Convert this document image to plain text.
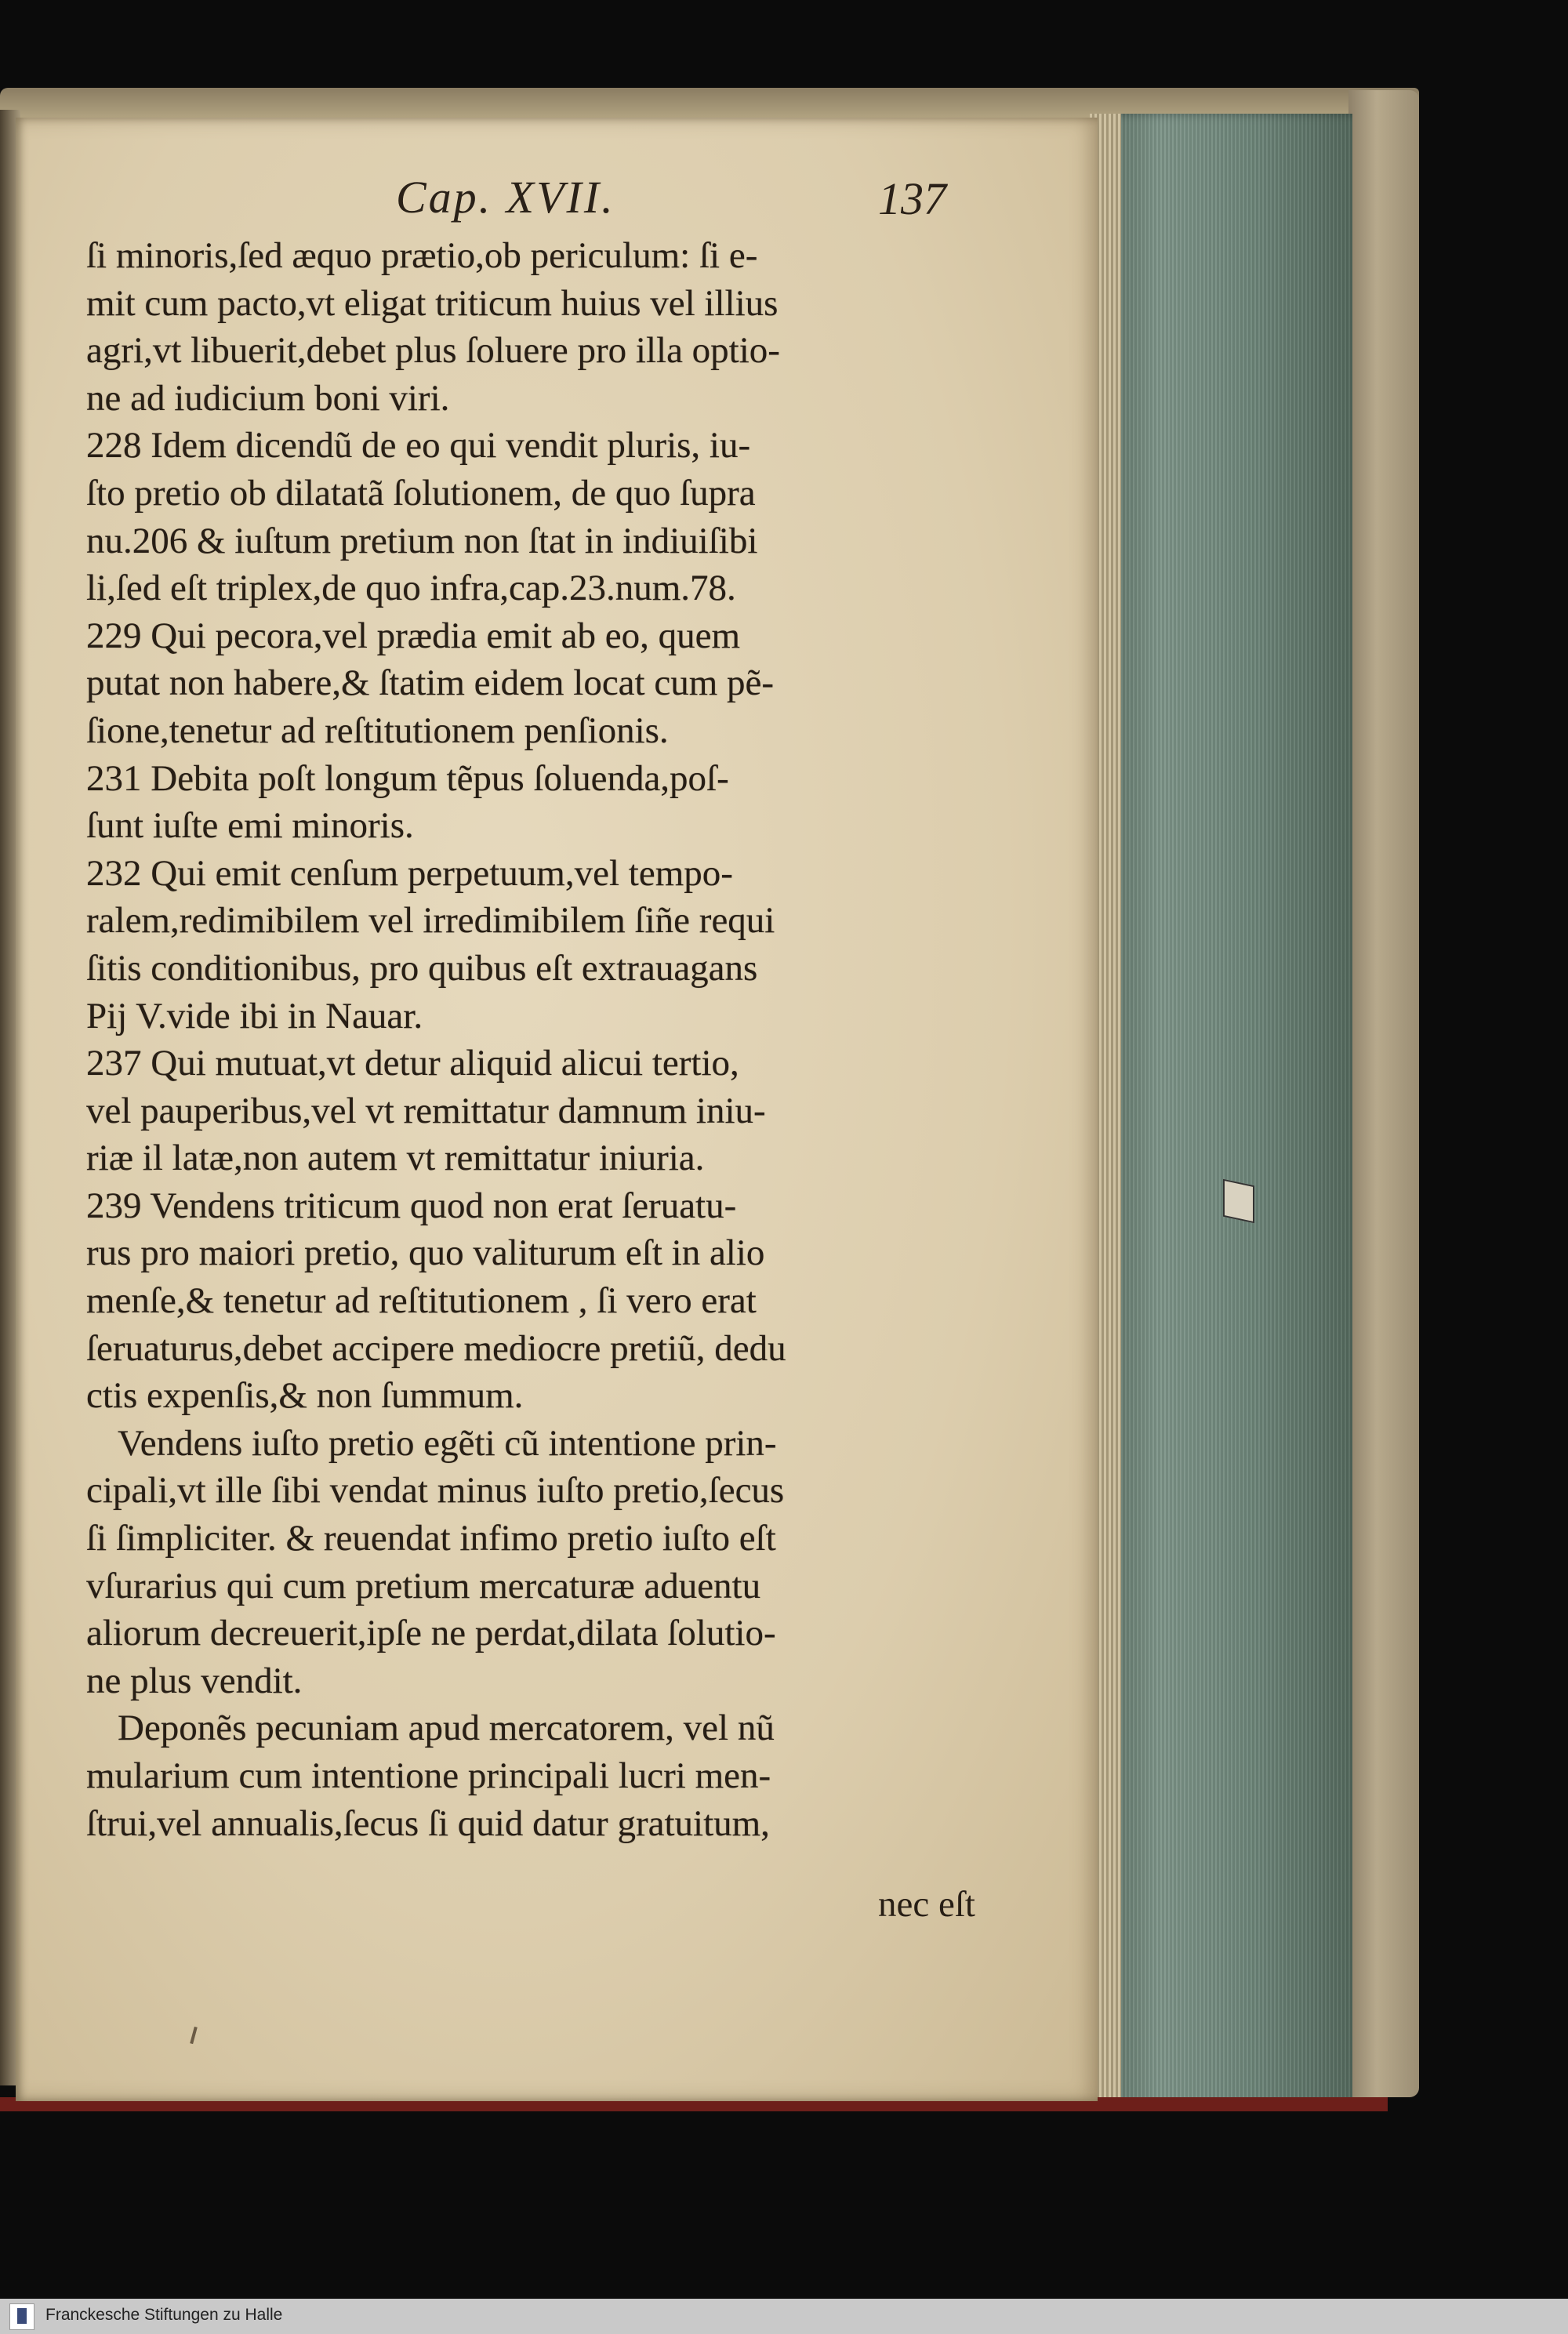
Cap. XVII.	137
ſi minoris,ſed æquo prætio,ob periculum: ſi e-
mit cum pacto,vt eligat triticum huius vel illius
agri,vt libuerit,debet plus ſoluere pro illa optio-
ne ad iudicium boni viri.
228 Idem dicendũ de eo qui vendit pluris, iu-
ſto pretio ob dilatatã ſolutionem, de quo ſupra
nu.206 & iuſtum pretium non ſtat in indiuiſibi
li,ſed eſt triplex,de quo infra,cap.23.num.78.
229 Qui pecora,vel prædia emit ab eo, quem
putat non habere,& ſtatim eidem locat cum pẽ-
ſione,tenetur ad reſtitutionem penſionis.
231 Debita poſt longum tẽpus ſoluenda,poſ-
ſunt iuſte emi minoris.
232 Qui emit cenſum perpetuum,vel tempo-
ralem,redimibilem vel irredimibilem ſiñe requi
ſitis conditionibus, pro quibus eſt extrauagans
Pij V.vide ibi in Nauar.
237 Qui mutuat,vt detur aliquid alicui tertio,
vel pauperibus,vel vt remittatur damnum iniu-
riæ il latæ,non autem vt remittatur iniuria.
239 Vendens triticum quod non erat ſeruatu-
rus pro maiori pretio, quo valiturum eſt in alio
menſe,& tenetur ad reſtitutionem , ſi vero erat
ſeruaturus,debet accipere mediocre pretiũ, dedu
ctis expenſis,& non ſummum.
Vendens iuſto pretio egẽti cũ intentione prin-
cipali,vt ille ſibi vendat minus iuſto pretio,ſecus
ſi ſimpliciter. & reuendat infimo pretio iuſto eſt
vſurarius qui cum pretium mercaturæ aduentu
aliorum decreuerit,ipſe ne perdat,dilata ſolutio-
ne plus vendit.
Deponẽs pecuniam apud mercatorem, vel nũ
mularium cum intentione principali lucri men-
ſtrui,vel annualis,ſecus ſi quid datur gratuitum,
nec eſt
Franckesche Stiftungen zu Halle
